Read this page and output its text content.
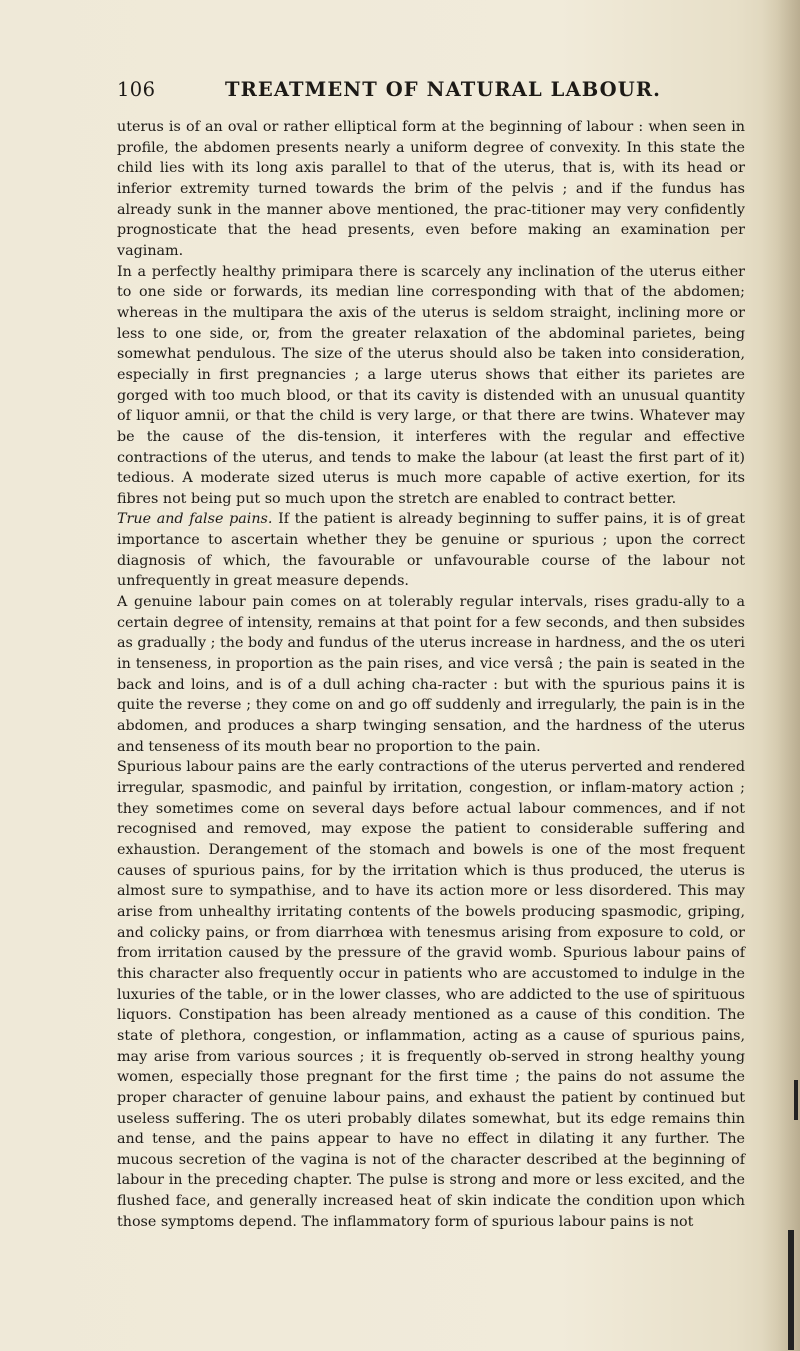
106	TREATMENT OF NATURAL LABOUR.

uterus is of an oval or rather elliptical form at the beginning of labour : when seen in profile, the abdomen presents nearly a uniform degree of convexity. In this state the child lies with its long axis parallel to that of the uterus, that is, with its head or inferior extremity turned towards the brim of the pelvis ; and if the fundus has already sunk in the manner above mentioned, the prac-titioner may very confidently prognosticate that the head presents, even before making an examination per vaginam.

In a perfectly healthy primipara there is scarcely any inclination of the uterus either to one side or forwards, its median line corresponding with that of the abdomen; whereas in the multipara the axis of the uterus is seldom straight, inclining more or less to one side, or, from the greater relaxation of the abdominal parietes, being somewhat pendulous. The size of the uterus should also be taken into consideration, especially in first pregnancies ; a large uterus shows that either its parietes are gorged with too much blood, or that its cavity is distended with an unusual quantity of liquor amnii, or that the child is very large, or that there are twins. Whatever may be the cause of the dis-tension, it interferes with the regular and effective contractions of the uterus, and tends to make the labour (at least the first part of it) tedious. A moderate sized uterus is much more capable of active exertion, for its fibres not being put so much upon the stretch are enabled to contract better.

True and false pains. If the patient is already beginning to suffer pains, it is of great importance to ascertain whether they be genuine or spurious ; upon the correct diagnosis of which, the favourable or unfavourable course of the labour not unfrequently in great measure depends.

A genuine labour pain comes on at tolerably regular intervals, rises gradu-ally to a certain degree of intensity, remains at that point for a few seconds, and then subsides as gradually ; the body and fundus of the uterus increase in hardness, and the os uteri in tenseness, in proportion as the pain rises, and vice versâ ; the pain is seated in the back and loins, and is of a dull aching cha-racter : but with the spurious pains it is quite the reverse ; they come on and go off suddenly and irregularly, the pain is in the abdomen, and produces a sharp twinging sensation, and the hardness of the uterus and tenseness of its mouth bear no proportion to the pain.

Spurious labour pains are the early contractions of the uterus perverted and rendered irregular, spasmodic, and painful by irritation, congestion, or inflam-matory action ; they sometimes come on several days before actual labour commences, and if not recognised and removed, may expose the patient to considerable suffering and exhaustion. Derangement of the stomach and bowels is one of the most frequent causes of spurious pains, for by the irritation which is thus produced, the uterus is almost sure to sympathise, and to have its action more or less disordered. This may arise from unhealthy irritating contents of the bowels producing spasmodic, griping, and colicky pains, or from diarrhœa with tenesmus arising from exposure to cold, or from irritation caused by the pressure of the gravid womb. Spurious labour pains of this character also frequently occur in patients who are accustomed to indulge in the luxuries of the table, or in the lower classes, who are addicted to the use of spirituous liquors. Constipation has been already mentioned as a cause of this condition. The state of plethora, congestion, or inflammation, acting as a cause of spurious pains, may arise from various sources ; it is frequently ob-served in strong healthy young women, especially those pregnant for the first time ; the pains do not assume the proper character of genuine labour pains, and exhaust the patient by continued but useless suffering. The os uteri probably dilates somewhat, but its edge remains thin and tense, and the pains appear to have no effect in dilating it any further. The mucous secretion of the vagina is not of the character described at the beginning of labour in the preceding chapter. The pulse is strong and more or less excited, and the flushed face, and generally increased heat of skin indicate the condition upon which those symptoms depend. The inflammatory form of spurious labour pains is not
